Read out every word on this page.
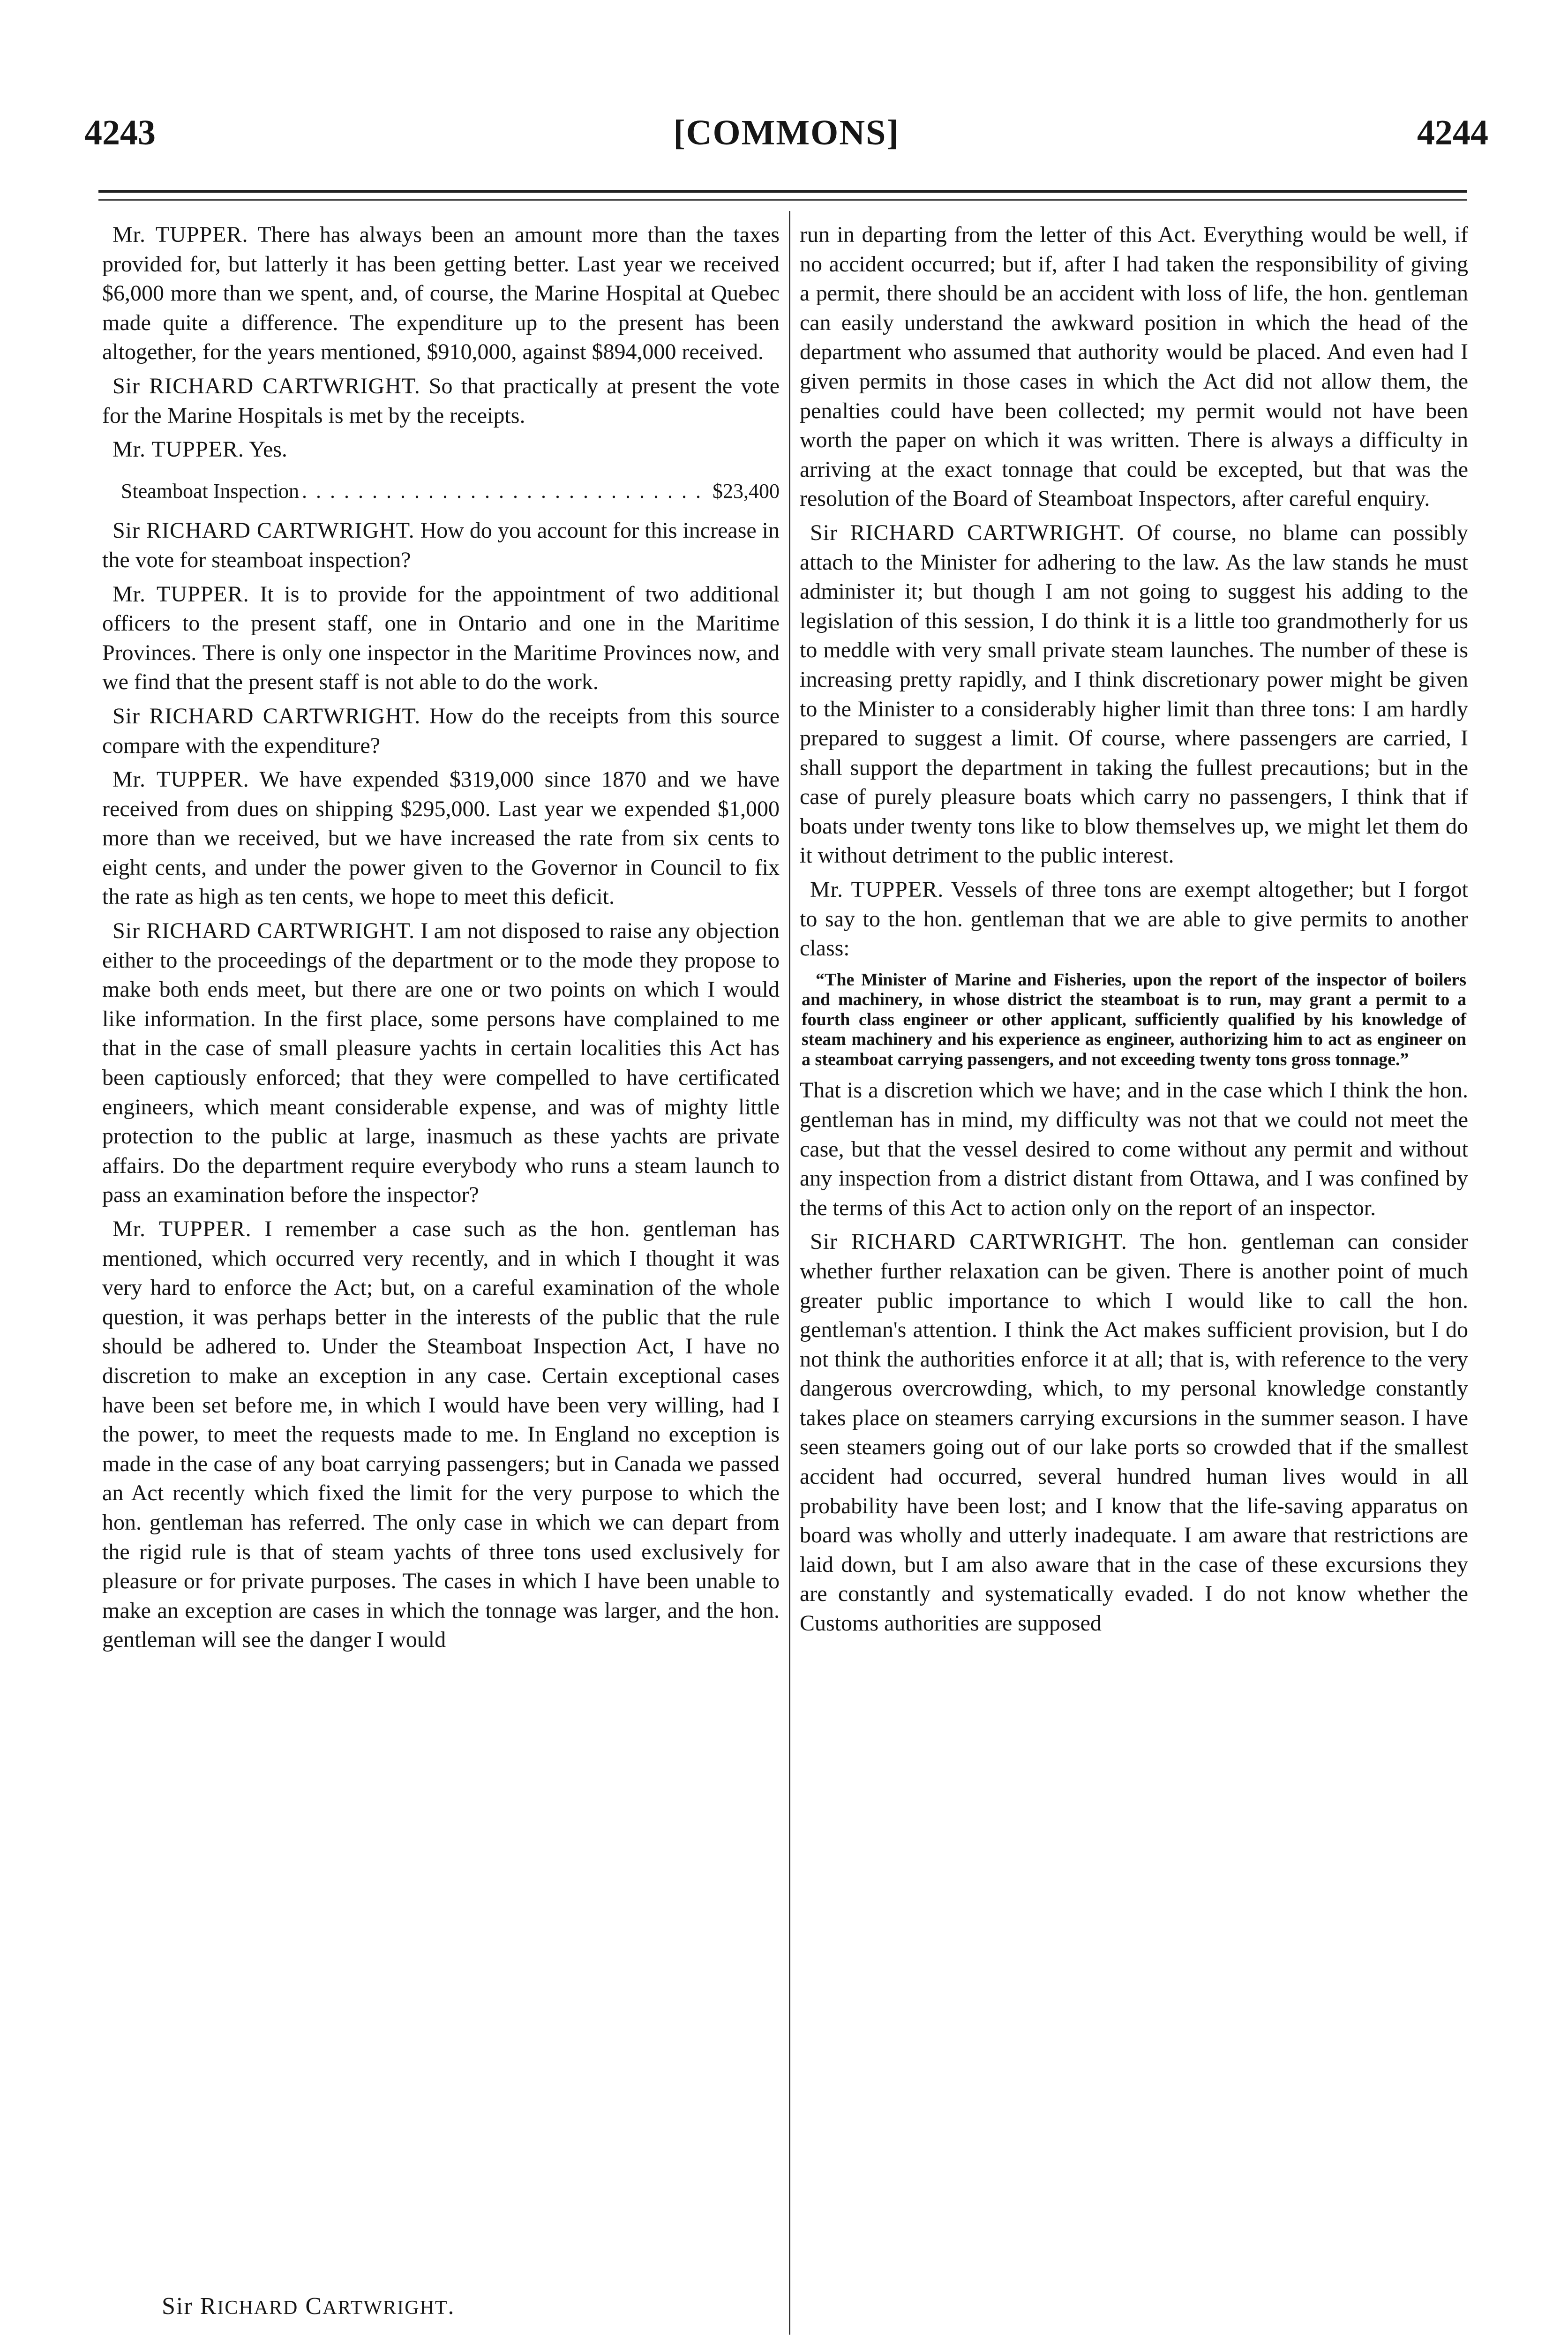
4243	[COMMONS]	4244

Mr. TUPPER. There has always been an amount more than the taxes provided for, but latterly it has been getting better. Last year we received $6,000 more than we spent, and, of course, the Marine Hospital at Quebec made quite a difference. The expenditure up to the present has been altogether, for the years mentioned, $910,000, against $894,000 received.

Sir RICHARD CARTWRIGHT. So that practically at present the vote for the Marine Hospitals is met by the receipts.

Mr. TUPPER. Yes.

Steamboat Inspection
. . .	$23,400

Sir RICHARD CARTWRIGHT. How do you account for this increase in the vote for steamboat inspection?

Mr. TUPPER. It is to provide for the appointment of two additional officers to the present staff, one in Ontario and one in the Maritime Provinces. There is only one inspector in the Maritime Provinces now, and we find that the present staff is not able to do the work.

Sir RICHARD CARTWRIGHT. How do the receipts from this source compare with the expenditure?

Mr. TUPPER. We have expended $319,000 since 1870 and we have received from dues on shipping $295,000. Last year we expended $1,000 more than we received, but we have increased the rate from six cents to eight cents, and under the power given to the Governor in Council to fix the rate as high as ten cents, we hope to meet this deficit.

Sir RICHARD CARTWRIGHT. I am not disposed to raise any objection either to the proceedings of the department or to the mode they propose to make both ends meet, but there are one or two points on which I would like information. In the first place, some persons have complained to me that in the case of small pleasure yachts in certain localities this Act has been captiously enforced; that they were compelled to have certificated engineers, which meant considerable expense, and was of mighty little protection to the public at large, inasmuch as these yachts are private affairs. Do the department require everybody who runs a steam launch to pass an examination before the inspector?

Mr. TUPPER. I remember a case such as the hon. gentleman has mentioned, which occurred very recently, and in which I thought it was very hard to enforce the Act; but, on a careful examination of the whole question, it was perhaps better in the interests of the public that the rule should be adhered to. Under the Steamboat Inspection Act, I have no discretion to make an exception in any case. Certain exceptional cases have been set before me, in which I would have been very willing, had I the power, to meet the requests made to me. In England no exception is made in the case of any boat carrying passengers; but in Canada we passed an Act recently which fixed the limit for the very purpose to which the hon. gentleman has referred. The only case in which we can depart from the rigid rule is that of steam yachts of three tons used exclusively for pleasure or for private purposes. The cases in which I have been unable to make an exception are cases in which the tonnage was larger, and the hon. gentleman will see the danger I would

Sir RICHARD CARTWRIGHT.

run in departing from the letter of this Act. Everything would be well, if no accident occurred; but if, after I had taken the responsibility of giving a permit, there should be an accident with loss of life, the hon. gentleman can easily understand the awkward position in which the head of the department who assumed that authority would be placed. And even had I given permits in those cases in which the Act did not allow them, the penalties could have been collected; my permit would not have been worth the paper on which it was written. There is always a difficulty in arriving at the exact tonnage that could be excepted, but that was the resolution of the Board of Steamboat Inspectors, after careful enquiry.

Sir RICHARD CARTWRIGHT. Of course, no blame can possibly attach to the Minister for adhering to the law. As the law stands he must administer it; but though I am not going to suggest his adding to the legislation of this session, I do think it is a little too grandmotherly for us to meddle with very small private steam launches. The number of these is increasing pretty rapidly, and I think discretionary power might be given to the Minister to a considerably higher limit than three tons: I am hardly prepared to suggest a limit. Of course, where passengers are carried, I shall support the department in taking the fullest precautions; but in the case of purely pleasure boats which carry no passengers, I think that if boats under twenty tons like to blow themselves up, we might let them do it without detriment to the public interest.

Mr. TUPPER. Vessels of three tons are exempt altogether; but I forgot to say to the hon. gentleman that we are able to give permits to another class:

“The Minister of Marine and Fisheries, upon the report of the inspector of boilers and machinery, in whose district the steamboat is to run, may grant a permit to a fourth class engineer or other applicant, sufficiently qualified by his knowledge of steam machinery and his experience as engineer, authorizing him to act as engineer on a steamboat carrying passengers, and not exceeding twenty tons gross tonnage.”

That is a discretion which we have; and in the case which I think the hon. gentleman has in mind, my difficulty was not that we could not meet the case, but that the vessel desired to come without any permit and without any inspection from a district distant from Ottawa, and I was confined by the terms of this Act to action only on the report of an inspector.

Sir RICHARD CARTWRIGHT. The hon. gentleman can consider whether further relaxation can be given. There is another point of much greater public importance to which I would like to call the hon. gentleman's attention. I think the Act makes sufficient provision, but I do not think the authorities enforce it at all; that is, with reference to the very dangerous overcrowding, which, to my personal knowledge constantly takes place on steamers carrying excursions in the summer season. I have seen steamers going out of our lake ports so crowded that if the smallest accident had occurred, several hundred human lives would in all probability have been lost; and I know that the life-saving apparatus on board was wholly and utterly inadequate. I am aware that restrictions are laid down, but I am also aware that in the case of these excursions they are constantly and systematically evaded. I do not know whether the Customs authorities are supposed
